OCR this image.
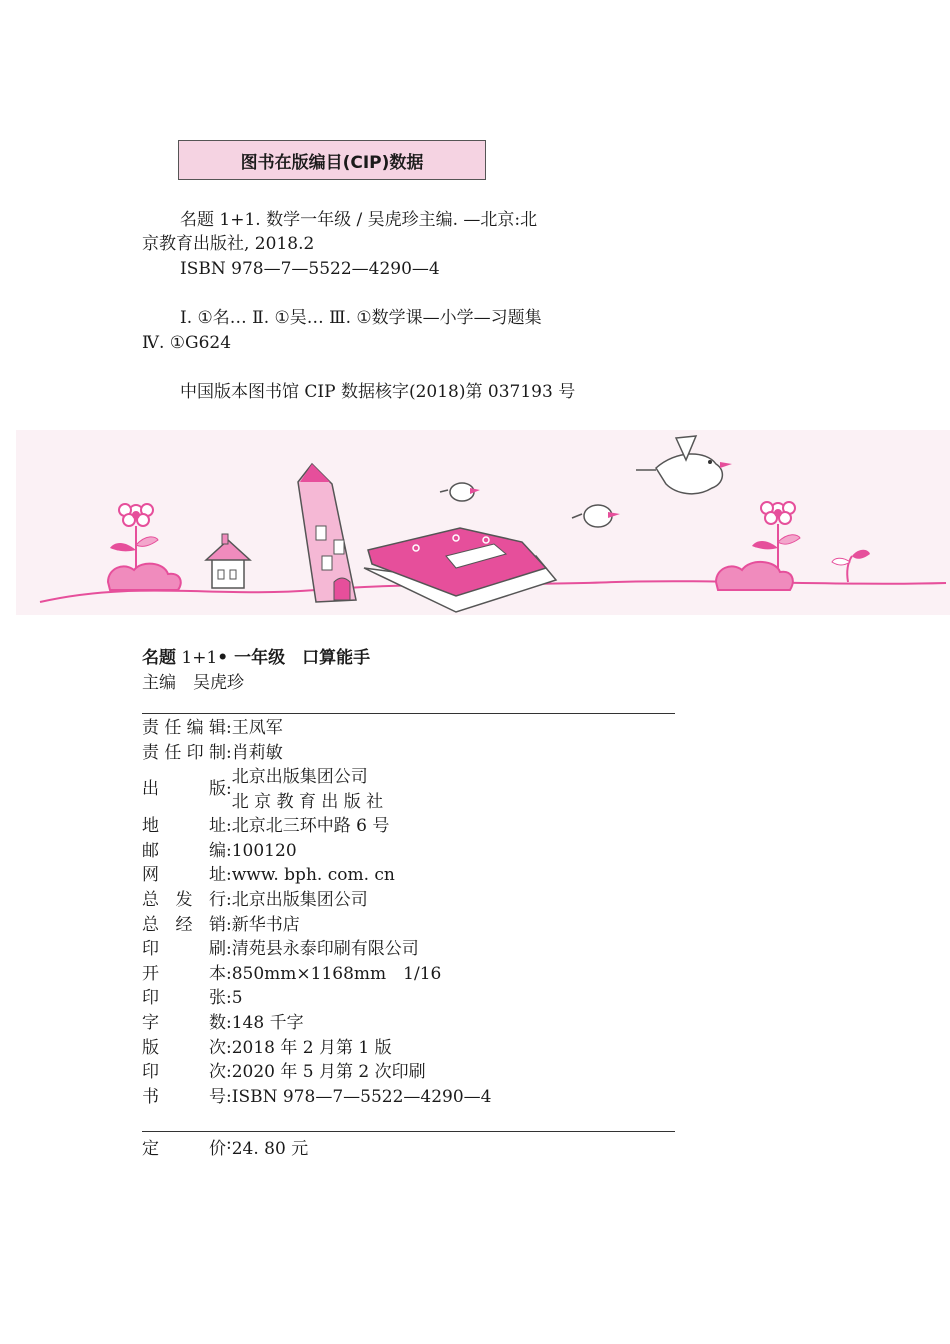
图书在版编目(CIP)数据
名题 1+1. 数学一年级 / 吴虎珍主编. —北京:北
京教育出版社, 2018.2
ISBN 978—7—5522—4290—4
Ⅰ. ①名… Ⅱ. ①吴… Ⅲ. ①数学课—小学—习题集
Ⅳ. ①G624
中国版本图书馆 CIP 数据核字(2018)第 037193 号
名题 1+1• 一年级　口算能手
主编　吴虎珍
责 任 编 辑 : 王凤军
责 任 印 制 : 肖莉敏
出	版 :
北京出版集团公司
北 京 教 育 出 版 社
地	址 : 北京北三环中路 6 号
邮	编 : 100120
网	址 : www. bph. com. cn
总 发 行 : 北京出版集团公司
总 经 销 : 新华书店
印	刷 : 清苑县永泰印刷有限公司
开	本 : 850mm×1168mm　1/16
印	张 : 5
字	数 : 148 千字
版	次 : 2018 年 2 月第 1 版
印	次 : 2020 年 5 月第 2 次印刷
书	号 : ISBN 978—7—5522—4290—4
定	价 : 24. 80 元
